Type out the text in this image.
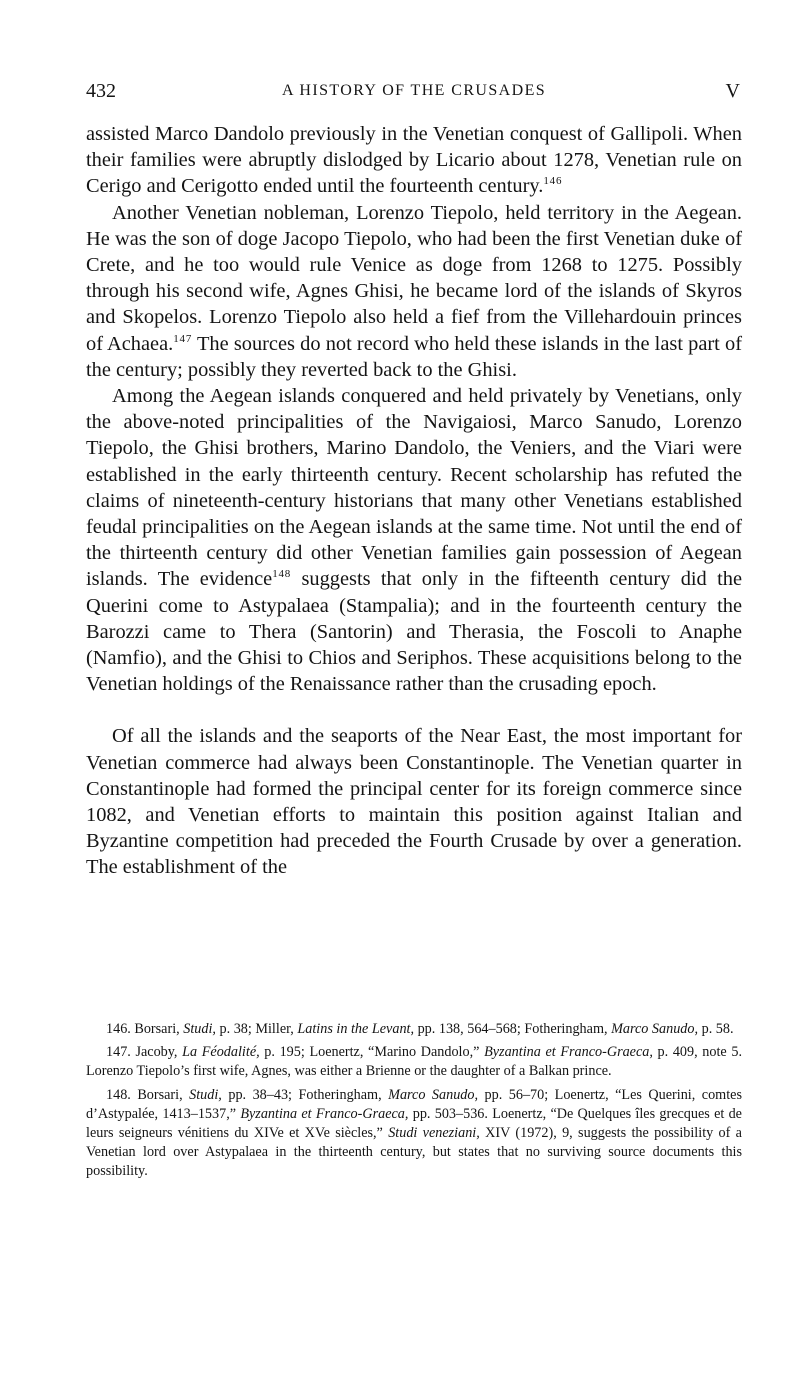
432	A HISTORY OF THE CRUSADES	V

assisted Marco Dandolo previously in the Venetian conquest of Gallipoli. When their families were abruptly dislodged by Licario about 1278, Venetian rule on Cerigo and Cerigotto ended until the fourteenth century.$^{146}$

Another Venetian nobleman, Lorenzo Tiepolo, held territory in the Aegean. He was the son of doge Jacopo Tiepolo, who had been the first Venetian duke of Crete, and he too would rule Venice as doge from 1268 to 1275. Possibly through his second wife, Agnes Ghisi, he became lord of the islands of Skyros and Skopelos. Lorenzo Tiepolo also held a fief from the Villehardouin princes of Achaea.$^{147}$ The sources do not record who held these islands in the last part of the century; possibly they reverted back to the Ghisi.

Among the Aegean islands conquered and held privately by Venetians, only the above-noted principalities of the Navigaiosi, Marco Sanudo, Lorenzo Tiepolo, the Ghisi brothers, Marino Dandolo, the Veniers, and the Viari were established in the early thirteenth century. Recent scholarship has refuted the claims of nineteenth-century historians that many other Venetians established feudal principalities on the Aegean islands at the same time. Not until the end of the thirteenth century did other Venetian families gain possession of Aegean islands. The evidence$^{148}$ suggests that only in the fifteenth century did the Querini come to Astypalaea (Stampalia); and in the fourteenth century the Barozzi came to Thera (Santorin) and Therasia, the Foscoli to Anaphe (Namfio), and the Ghisi to Chios and Seriphos. These acquisitions belong to the Venetian holdings of the Renaissance rather than the crusading epoch.

Of all the islands and the seaports of the Near East, the most important for Venetian commerce had always been Constantinople. The Venetian quarter in Constantinople had formed the principal center for its foreign commerce since 1082, and Venetian efforts to maintain this position against Italian and Byzantine competition had preceded the Fourth Crusade by over a generation. The establishment of the

146. Borsari, Studi, p. 38; Miller, Latins in the Levant, pp. 138, 564–568; Fotheringham, Marco Sanudo, p. 58.

147. Jacoby, La Féodalité, p. 195; Loenertz, “Marino Dandolo,” Byzantina et Franco-Graeca, p. 409, note 5. Lorenzo Tiepolo’s first wife, Agnes, was either a Brienne or the daughter of a Balkan prince.

148. Borsari, Studi, pp. 38–43; Fotheringham, Marco Sanudo, pp. 56–70; Loenertz, “Les Querini, comtes d’Astypalée, 1413–1537,” Byzantina et Franco-Graeca, pp. 503–536. Loenertz, “De Quelques îles grecques et de leurs seigneurs vénitiens du XIVe et XVe siècles,” Studi veneziani, XIV (1972), 9, suggests the possibility of a Venetian lord over Astypalaea in the thirteenth century, but states that no surviving source documents this possibility.
